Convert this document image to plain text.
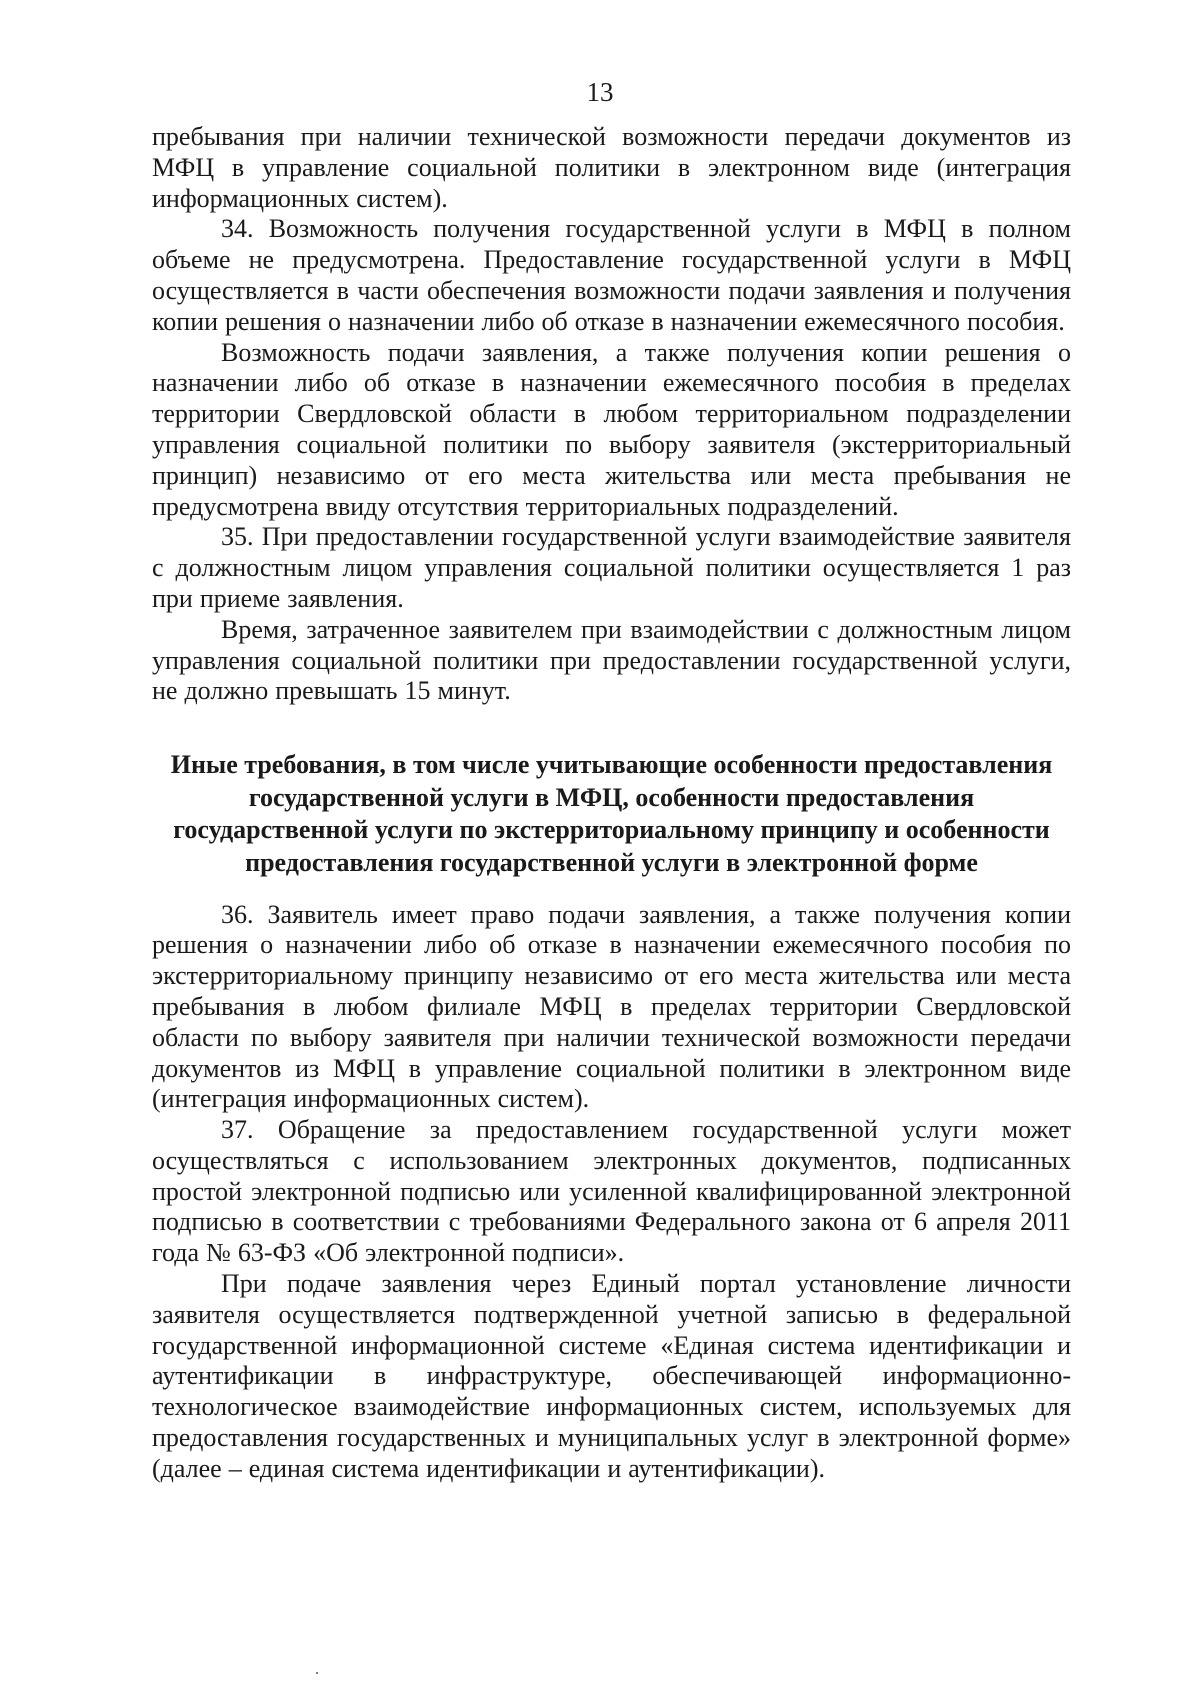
13

пребывания при наличии технической возможности передачи документов из МФЦ в управление социальной политики в электронном виде (интеграция информационных систем).

34. Возможность получения государственной услуги в МФЦ в полном объеме не предусмотрена. Предоставление государственной услуги в МФЦ осуществляется в части обеспечения возможности подачи заявления и получения копии решения о назначении либо об отказе в назначении ежемесячного пособия.

Возможность подачи заявления, а также получения копии решения о назначении либо об отказе в назначении ежемесячного пособия в пределах территории Свердловской области в любом территориальном подразделении управления социальной политики по выбору заявителя (экстерриториальный принцип) независимо от его места жительства или места пребывания не предусмотрена ввиду отсутствия территориальных подразделений.

35. При предоставлении государственной услуги взаимодействие заявителя с должностным лицом управления социальной политики осуществляется 1 раз при приеме заявления.

Время, затраченное заявителем при взаимодействии с должностным лицом управления социальной политики при предоставлении государственной услуги, не должно превышать 15 минут.

Иные требования, в том числе учитывающие особенности предоставления
государственной услуги в МФЦ, особенности предоставления
государственной услуги по экстерриториальному принципу и особенности
предоставления государственной услуги в электронной форме

36. Заявитель имеет право подачи заявления, а также получения копии решения о назначении либо об отказе в назначении ежемесячного пособия по экстерриториальному принципу независимо от его места жительства или места пребывания в любом филиале МФЦ в пределах территории Свердловской области по выбору заявителя при наличии технической возможности передачи документов из МФЦ в управление социальной политики в электронном виде (интеграция информационных систем).

37. Обращение за предоставлением государственной услуги может осуществляться с использованием электронных документов, подписанных простой электронной подписью или усиленной квалифицированной электронной подписью в соответствии с требованиями Федерального закона от 6 апреля 2011 года № 63-ФЗ «Об электронной подписи».

При подаче заявления через Единый портал установление личности заявителя осуществляется подтвержденной учетной записью в федеральной государственной информационной системе «Единая система идентификации и аутентификации в инфраструктуре, обеспечивающей информационно-технологическое взаимодействие информационных систем, используемых для предоставления государственных и муниципальных услуг в электронной форме» (далее – единая система идентификации и аутентификации).
